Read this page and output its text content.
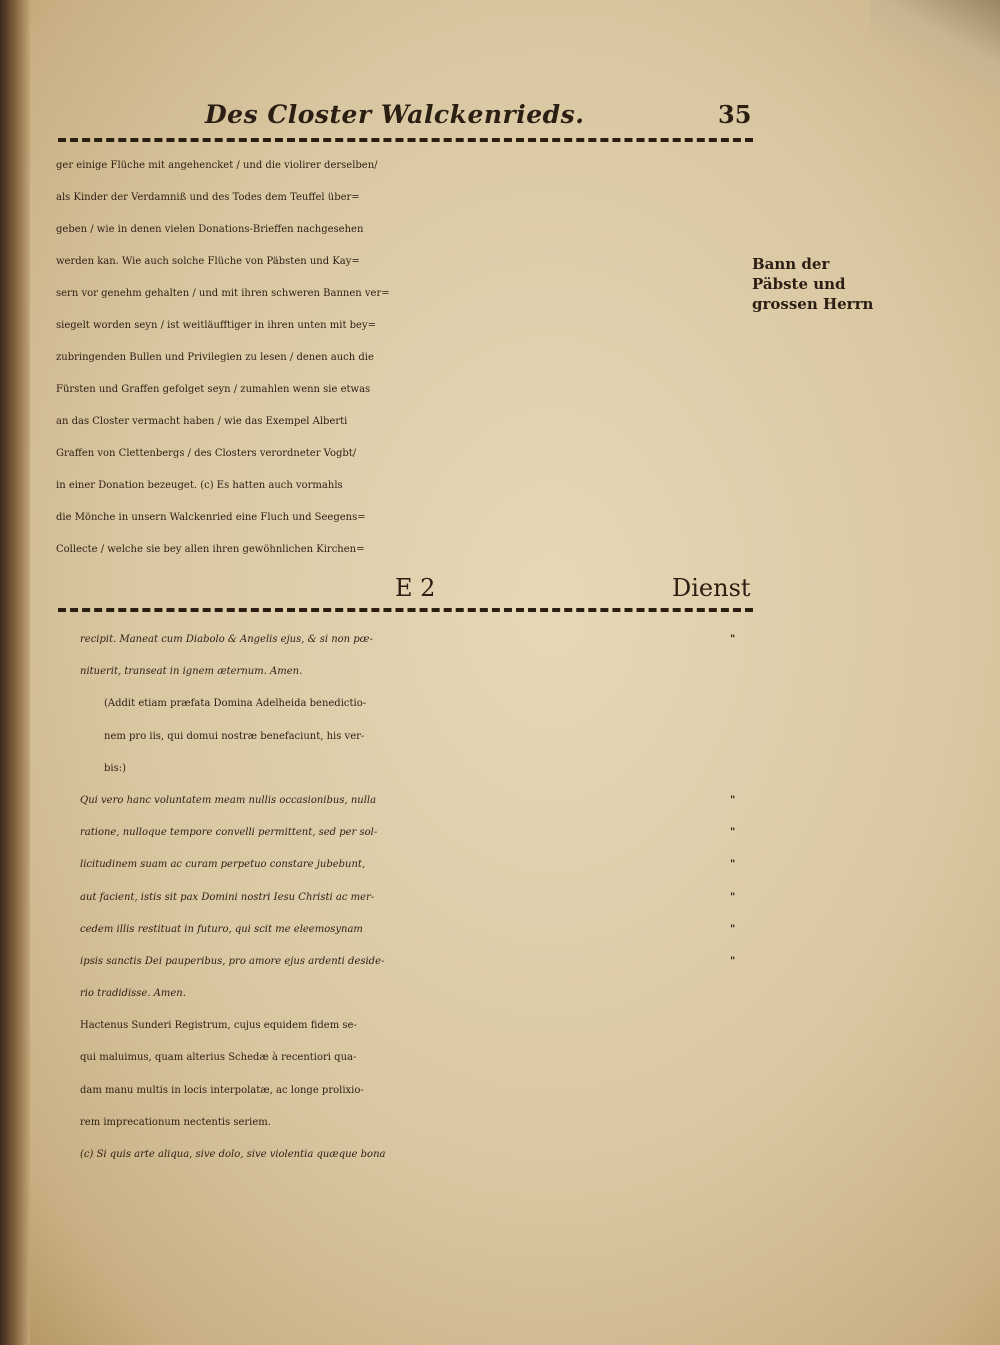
Des Closter Walckenrieds.	35
ger einige Flüche mit angehencket / und die violirer derselben/
als Kinder der Verdamniß und des Todes dem Teuffel über=
geben / wie in denen vielen Donations-Brieffen nachgesehen
werden kan. Wie auch solche Flüche von Päbsten und Kay=
sern vor genehm gehalten / und mit ihren schweren Bannen ver=
siegelt worden seyn / ist weitläufftiger in ihren unten mit bey=
zubringenden Bullen und Privilegien zu lesen / denen auch die
Fürsten und Graffen gefolget seyn / zumahlen wenn sie etwas
an das Closter vermacht haben / wie das Exempel Alberti
Graffen von Clettenbergs / des Closters verordneter Vogbt/
in einer Donation bezeuget. (c) Es hatten auch vormahls
die Mönche in unsern Walckenried eine Fluch und Seegens=
Collecte / welche sie bey allen ihren gewöhnlichen Kirchen=
Bann der
Päbste und
grossen Herrn
E 2	Dienst
recipit. Maneat cum Diabolo & Angelis ejus, & si non pœ-	"
nituerit, transeat in ignem æternum. Amen.
(Addit etiam præfata Domina Adelheida benedictio-
nem pro iis, qui domui nostræ benefaciunt, his ver-
bis:)
Qui vero hanc voluntatem meam nullis occasionibus, nulla	"
ratione, nulloque tempore convelli permittent, sed per sol-	"
licitudinem suam ac curam perpetuo constare jubebunt,	"
aut facient, istis sit pax Domini nostri Iesu Christi ac mer-	"
cedem illis restituat in futuro, qui scit me eleemosynam	"
ipsis sanctis Dei pauperibus, pro amore ejus ardenti deside-	"
rio tradidisse. Amen.
Hactenus Sunderi Registrum, cujus equidem fidem se-
qui maluimus, quam alterius Schedæ à recentiori qua-
dam manu multis in locis interpolatæ, ac longe prolixio-
rem imprecationum nectentis seriem.
(c) Si quis arte aliqua, sive dolo, sive violentia quæque bona
